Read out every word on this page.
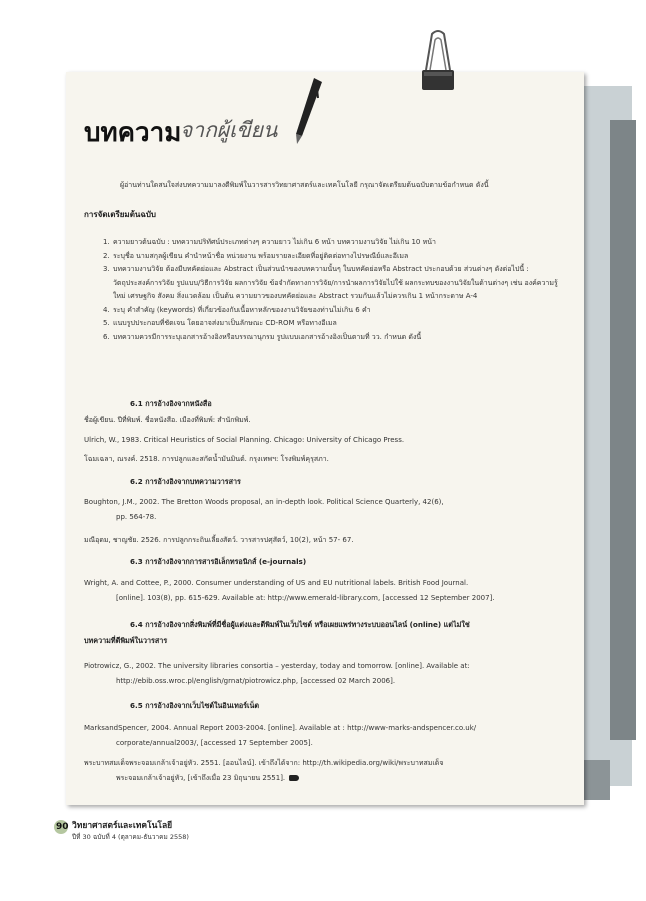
บทความ
จากผู้เขียน
ผู้อ่านท่านใดสนใจส่งบทความมาลงตีพิมพ์ในวารสารวิทยาศาสตร์และเทคโนโลยี กรุณาจัดเตรียมต้นฉบับตามข้อกำหนด ดังนี้
การจัดเตรียมต้นฉบับ
1. ความยาวต้นฉบับ : บทความปริทัศน์ประเภทต่างๆ ความยาว ไม่เกิน 6 หน้า บทความงานวิจัย ไม่เกิน 10 หน้า
2. ระบุชื่อ นามสกุลผู้เขียน คำนำหน้าชื่อ หน่วยงาน พร้อมรายละเอียดที่อยู่ติดต่อทางไปรษณีย์และอีเมล
3. บทความงานวิจัย ต้องมีบทคัดย่อและ Abstract เป็นส่วนนำของบทความนั้นๆ ในบทคัดย่อหรือ Abstract ประกอบด้วย ส่วนต่างๆ ดังต่อไปนี้ : วัตถุประสงค์การวิจัย รูปแบบ/วิธีการวิจัย ผลการวิจัย ข้อจำกัดทางการวิจัย/การนำผลการวิจัยไปใช้ ผลกระทบของงานวิจัยในด้านต่างๆ เช่น องค์ความรู้ใหม่ เศรษฐกิจ สังคม สิ่งแวดล้อม เป็นต้น ความยาวของบทคัดย่อและ Abstract รวมกันแล้วไม่ควรเกิน 1 หน้ากระดาษ A-4
4. ระบุ คำสำคัญ (keywords) ที่เกี่ยวข้องกับเนื้อหาหลักของงานวิจัยของท่านไม่เกิน 6 คำ
5. แนบรูปประกอบที่ชัดเจน โดยอาจส่งมาเป็นลักษณะ CD-ROM หรือทางอีเมล
6. บทความควรมีการระบุเอกสารอ้างอิงหรือบรรณานุกรม รูปแบบเอกสารอ้างอิงเป็นตามที่ วว. กำหนด ดังนี้
6.1 การอ้างอิงจากหนังสือ
ชื่อผู้เขียน. ปีที่พิมพ์. ชื่อหนังสือ. เมืองที่พิมพ์: สำนักพิมพ์.
Ulrich, W., 1983. Critical Heuristics of Social Planning. Chicago: University of Chicago Press.
โฉมเฉลา, ณรงค์. 2518. การปลูกและสกัดน้ำมันมินต์. กรุงเทพฯ: โรงพิมพ์คุรุสภา.
6.2 การอ้างอิงจากบทความวารสาร
Boughton, J.M., 2002. The Bretton Woods proposal, an in-depth look. Political Science Quarterly, 42(6),
pp. 564-78.
มณีอุดม, ชาญชัย. 2526. การปลูกกระถินเลี้ยงสัตว์. วารสารปศุสัตว์, 10(2), หน้า 57- 67.
6.3 การอ้างอิงจากการสารอิเล็กทรอนิกส์ (e-journals)
Wright, A. and Cottee, P., 2000. Consumer understanding of US and EU nutritional labels. British Food Journal.
[online]. 103(8), pp. 615-629. Available at: http://www.emerald-library.com, [accessed 12 September 2007].
6.4 การอ้างอิงจากสิ่งพิมพ์ที่มีชื่อผู้แต่งและตีพิมพ์ในเว็บไซต์ หรือเผยแพร่ทางระบบออนไลน์ (online) แต่ไม่ใช่
บทความที่ตีพิมพ์ในวารสาร
Piotrowicz, G., 2002. The university libraries consortia – yesterday, today and tomorrow. [online]. Available at:
http://ebib.oss.wroc.pl/english/grnat/piotrowicz.php, [accessed 02 March 2006].
6.5 การอ้างอิงจากเว็บไซต์ในอินเทอร์เน็ต
MarksandSpencer, 2004. Annual Report 2003-2004. [online]. Available at : http://www-marks-andspencer.co.uk/
corporate/annual2003/, [accessed 17 September 2005].
พระบาทสมเด็จพระจอมเกล้าเจ้าอยู่หัว. 2551. [ออนไลน์]. เข้าถึงได้จาก: http://th.wikipedia.org/wiki/พระบาทสมเด็จ
พระจอมเกล้าเจ้าอยู่หัว, [เข้าถึงเมื่อ 23 มิถุนายน 2551].
90 วิทยาศาสตร์และเทคโนโลยี
ปีที่ 30 ฉบับที่ 4 (ตุลาคม-ธันวาคม 2558)
